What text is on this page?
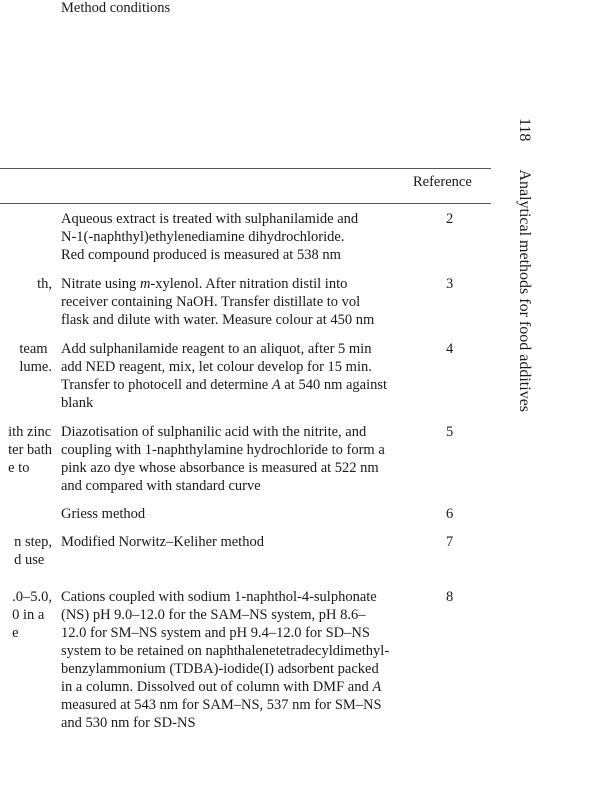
118Analytical methods for food additives
Method conditions
Reference
Aqueous extract is treated with sulphanilamide and
N-1(-naphthyl)ethylenediamine dihydrochloride.
Red compound produced is measured at 538 nm
2
th, Nitrate using m-xylenol. After nitration distil into
receiver containing NaOH. Transfer distillate to vol
flask and dilute with water. Measure colour at 450 nm
3
team
lume.
Add sulphanilamide reagent to an aliquot, after 5 min
add NED reagent, mix, let colour develop for 15 min.
Transfer to photocell and determine A at 540 nm against
blank
4
ith zinc
ter bath
e to
Diazotisation of sulphanilic acid with the nitrite, and
coupling with 1-naphthylamine hydrochloride to form a
pink azo dye whose absorbance is measured at 522 nm
and compared with standard curve
5
Griess method	6
n step,
d use
Modified Norwitz–Keliher method	7
.0–5.0,
0 in a
e
Cations coupled with sodium 1-naphthol-4-sulphonate
(NS) pH 9.0–12.0 for the SAM–NS system, pH 8.6–
12.0 for SM–NS system and pH 9.4–12.0 for SD–NS
system to be retained on naphthalenetetradecyldimethyl-
benzylammonium (TDBA)-iodide(I) adsorbent packed
in a column. Dissolved out of column with DMF and A
measured at 543 nm for SAM–NS, 537 nm for SM–NS
and 530 nm for SD-NS
8
